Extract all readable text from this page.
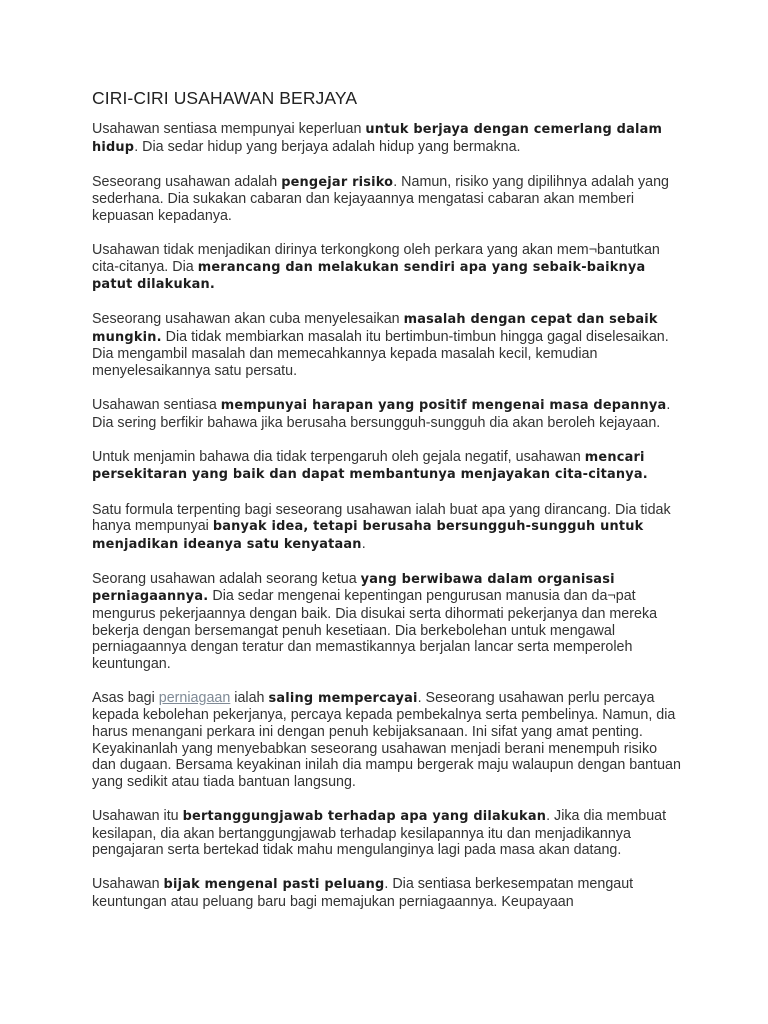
CIRI-CIRI USAHAWAN BERJAYA

Usahawan sentiasa mempunyai keperluan untuk berjaya dengan cemerlang dalam hidup. Dia sedar hidup yang berjaya adalah hidup yang bermakna.

Seseorang usahawan adalah pengejar risiko. Namun, risiko yang dipilihnya adalah yang sederhana. Dia sukakan cabaran dan kejayaannya mengatasi cabaran akan memberi kepuasan kepadanya.

Usahawan tidak menjadikan dirinya terkongkong oleh perkara yang akan mem¬bantutkan cita-citanya. Dia merancang dan melakukan sendiri apa yang sebaik-baiknya patut dilakukan.

Seseorang usahawan akan cuba menyelesaikan masalah dengan cepat dan sebaik mungkin. Dia tidak membiarkan masalah itu bertimbun-timbun hingga gagal diselesaikan. Dia mengambil masalah dan memecahkannya kepada masalah kecil, kemudian menyelesaikannya satu persatu.

Usahawan sentiasa mempunyai harapan yang positif mengenai masa depannya. Dia sering berfikir bahawa jika berusaha bersungguh-sungguh dia akan beroleh kejayaan.

Untuk menjamin bahawa dia tidak terpengaruh oleh gejala negatif, usahawan mencari persekitaran yang baik dan dapat membantunya menjayakan cita-citanya.

Satu formula terpenting bagi seseorang usahawan ialah buat apa yang dirancang. Dia tidak hanya mempunyai banyak idea, tetapi berusaha bersungguh-sungguh untuk menjadikan ideanya satu kenyataan.

Seorang usahawan adalah seorang ketua yang berwibawa dalam organisasi perniagaannya. Dia sedar mengenai kepentingan pengurusan manusia dan da¬pat mengurus pekerjaannya dengan baik. Dia disukai serta dihormati pekerjanya dan mereka bekerja dengan bersemangat penuh kesetiaan. Dia berkebolehan untuk mengawal perniagaannya dengan teratur dan memastikannya berjalan lancar serta memperoleh keuntungan.

Asas bagi perniagaan ialah saling mempercayai. Seseorang usahawan perlu percaya kepada kebolehan pekerjanya, percaya kepada pembekalnya serta pembelinya. Namun, dia harus menangani perkara ini dengan penuh kebijaksanaan. Ini sifat yang amat penting. Keyakinanlah yang menyebabkan seseorang usahawan menjadi berani menempuh risiko dan dugaan. Bersama keyakinan inilah dia mampu bergerak maju walaupun dengan bantuan yang sedikit atau tiada bantuan langsung.

Usahawan itu bertanggungjawab terhadap apa yang dilakukan. Jika dia membuat kesilapan, dia akan bertanggungjawab terhadap kesilapannya itu dan menjadikannya pengajaran serta bertekad tidak mahu mengulanginya lagi pada masa akan datang.

Usahawan bijak mengenal pasti peluang. Dia sentiasa berkesempatan mengaut keuntungan atau peluang baru bagi memajukan perniagaannya. Keupayaan
